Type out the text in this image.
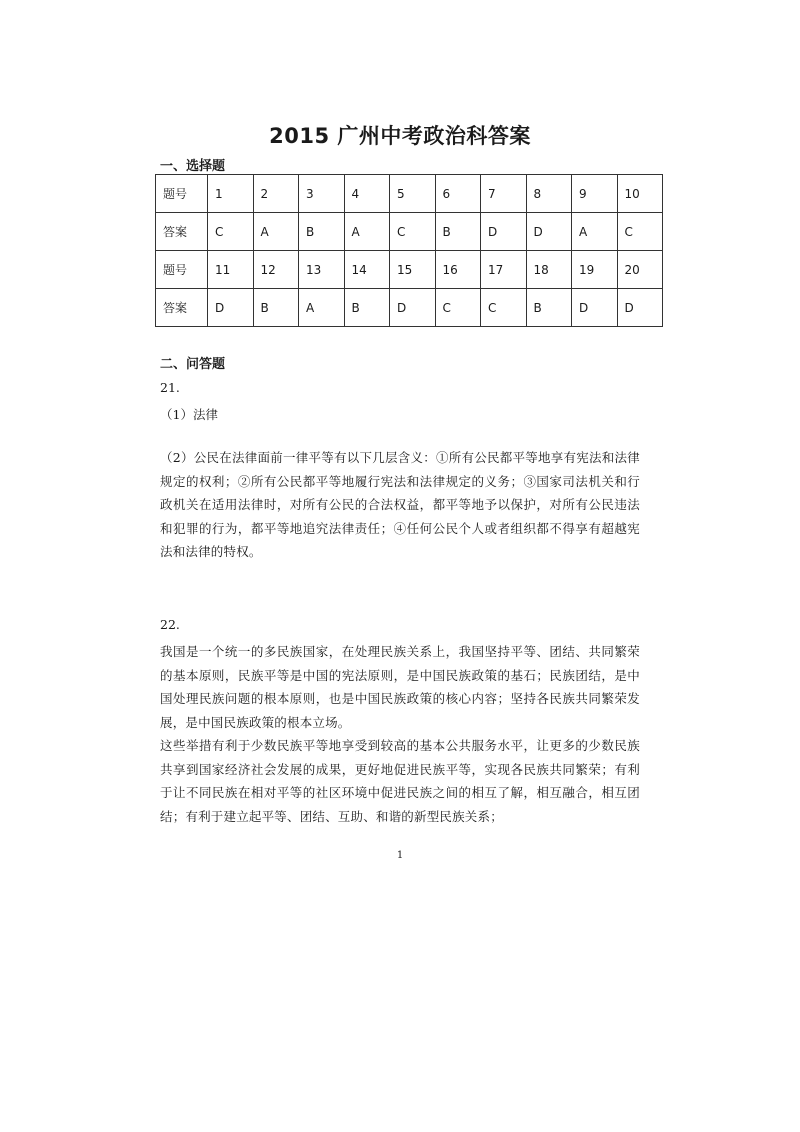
2015 广州中考政治科答案
一、选择题
题号	1	2	3	4	5	6	7	8	9	10
答案	C	A	B	A	C	B	D	D	A	C
题号	11	12	13	14	15	16	17	18	19	20
答案	D	B	A	B	D	C	C	B	D	D
二、问答题
21.
（1）法律
（2）公民在法律面前一律平等有以下几层含义：①所有公民都平等地享有宪法和法律规定的权利；②所有公民都平等地履行宪法和法律规定的义务；③国家司法机关和行政机关在适用法律时，对所有公民的合法权益，都平等地予以保护，对所有公民违法和犯罪的行为，都平等地追究法律责任；④任何公民个人或者组织都不得享有超越宪法和法律的特权。
22.
我国是一个统一的多民族国家，在处理民族关系上，我国坚持平等、团结、共同繁荣的基本原则，民族平等是中国的宪法原则，是中国民族政策的基石；民族团结，是中国处理民族问题的根本原则，也是中国民族政策的核心内容；坚持各民族共同繁荣发展，是中国民族政策的根本立场。
这些举措有利于少数民族平等地享受到较高的基本公共服务水平，让更多的少数民族共享到国家经济社会发展的成果，更好地促进民族平等，实现各民族共同繁荣；有利于让不同民族在相对平等的社区环境中促进民族之间的相互了解，相互融合，相互团结；有利于建立起平等、团结、互助、和谐的新型民族关系；
1
